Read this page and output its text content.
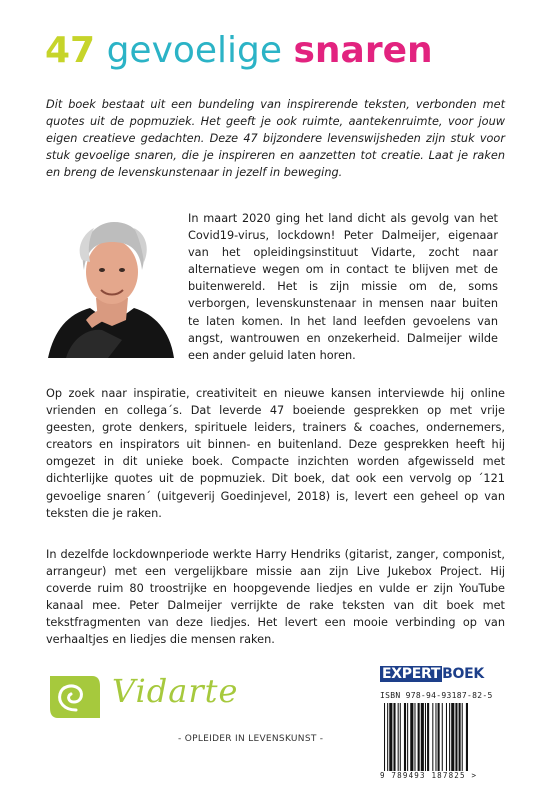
47 gevoelige snaren

Dit boek bestaat uit een bundeling van inspirerende teksten, verbonden met quotes uit de popmuziek. Het geeft je ook ruimte, aantekenruimte, voor jouw eigen creatieve gedachten. Deze 47 bijzondere levenswijsheden zijn stuk voor stuk gevoelige snaren, die je inspireren en aanzetten tot creatie. Laat je raken en breng de levenskunstenaar in jezelf in beweging.

In maart 2020 ging het land dicht als gevolg van het Covid19-virus, lockdown! Peter Dalmeijer, eigenaar van het opleidingsinstituut Vidarte, zocht naar alternatieve wegen om in contact te blijven met de buitenwereld. Het is zijn missie om de, soms verborgen, levenskunstenaar in mensen naar buiten te laten komen. In het land leefden gevoelens van angst, wantrouwen en onzekerheid. Dalmeijer wilde een ander geluid laten horen.

Op zoek naar inspiratie, creativiteit en nieuwe kansen interviewde hij online vrienden en collega´s. Dat leverde 47 boeiende gesprekken op met vrije geesten, grote denkers, spirituele leiders, trainers & coaches, ondernemers, creators en inspirators uit binnen- en buitenland. Deze gesprekken heeft hij omgezet in dit unieke boek. Compacte inzichten worden afgewisseld met dichterlijke quotes uit de popmuziek. Dit boek, dat ook een vervolg op ´121 gevoelige snaren´ (uitgeverij Goedinjevel, 2018) is, levert een geheel op van teksten die je raken.

In dezelfde lockdownperiode werkte Harry Hendriks (gitarist, zanger, componist, arrangeur) met een vergelijkbare missie aan zijn Live Jukebox Project. Hij coverde ruim 80 troostrijke en hoopgevende liedjes en vulde er zijn YouTube kanaal mee. Peter Dalmeijer verrijkte de rake teksten van dit boek met tekstfragmenten van deze liedjes. Het levert een mooie verbinding op van verhaaltjes en liedjes die mensen raken.

Vidarte
- OPLEIDER IN LEVENSKUNST -
EXPERT BOEK
ISBN 978-94-93187-82-5
9 789493 187825 >
